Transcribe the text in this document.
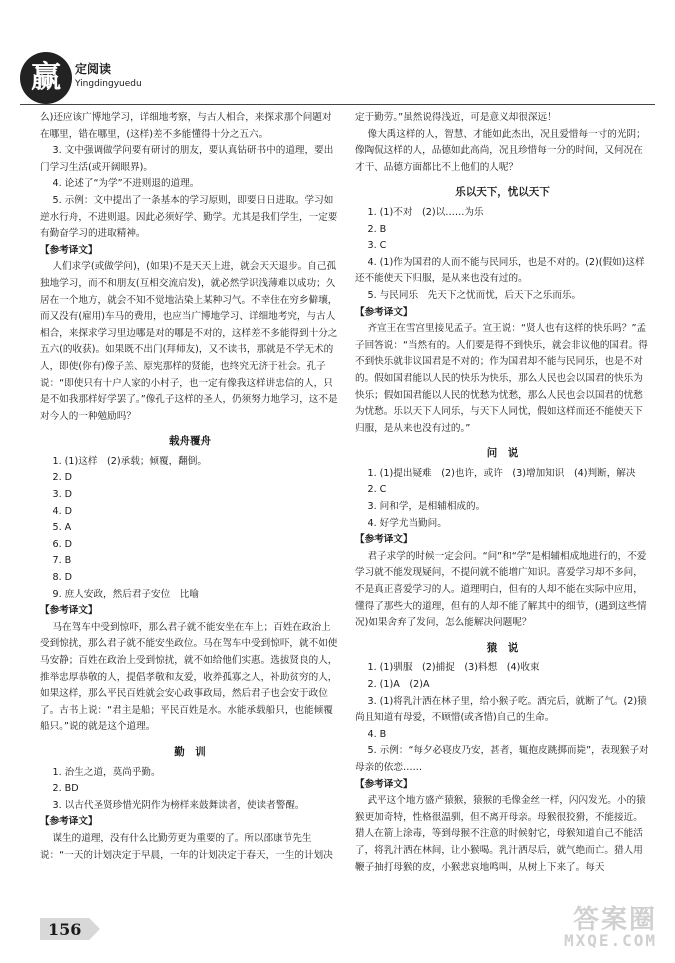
赢	定阅读
Yingdingyuedu

么)还应该广博地学习，详细地考察，与古人相合，来探求那个问题对在哪里，错在哪里，(这样)差不多能懂得十分之五六。

3. 文中强调做学问要有研讨的朋友，要认真钻研书中的道理，要出门学习生活(或开阔眼界)。

4. 论述了“为学”不进则退的道理。

5. 示例：文中提出了一条基本的学习原则，即要日日进取。学习如逆水行舟，不进则退。因此必须好学、勤学。尤其是我们学生，一定要有勤奋学习的进取精神。

【参考译文】

人们求学(或做学问)，(如果)不是天天上进，就会天天退步。自己孤独地学习，而不和朋友(互相交流启发)，就必然学识浅薄难以成功；久居在一个地方，就会不知不觉地沾染上某种习气。不幸住在穷乡僻壤，而又没有(雇用)车马的费用，也应当广博地学习、详细地考究，与古人相合，来探求学习里边哪是对的哪是不对的，这样差不多能得到十分之五六(的收获)。如果既不出门(拜师友)，又不读书，那就是不学无术的人，即使(你有)像子羔、原宪那样的贤能，也终究无济于社会。孔子说：“即使只有十户人家的小村子，也一定有像我这样讲忠信的人，只是不如我那样好学罢了。”像孔子这样的圣人，仍须努力地学习，这不是对今人的一种勉励吗？

载舟覆舟

1. (1)这样　(2)承载；倾覆，翻倒。

2. D

3. D

4. D

5. A

6. D

7. B

8. D

9. 庶人安政，然后君子安位　比喻

【参考译文】

马在驾车中受到惊吓，那么君子就不能安坐在车上；百姓在政治上受到惊扰，那么君子就不能安坐政位。马在驾车中受到惊吓，就不如使马安静；百姓在政治上受到惊扰，就不如给他们实惠。选拔贤良的人，推举忠厚恭敬的人，提倡孝敬和友爱，收养孤寡之人，补助贫穷的人，如果这样，那么平民百姓就会安心政事政局，然后君子也会安于政位了。古书上说：“君主是船；平民百姓是水。水能承载船只，也能倾覆船只。”说的就是这个道理。

勤　训

1. 治生之道，莫尚乎勤。

2. BD

3. 以古代圣贤珍惜光阴作为榜样来鼓舞读者，使读者警醒。

【参考译文】

谋生的道理，没有什么比勤劳更为重要的了。所以邵康节先生说：“一天的计划决定于早晨，一年的计划决定于春天，一生的计划决

定于勤劳。”虽然说得浅近，可是意义却很深远！

像大禹这样的人，智慧、才能如此杰出，况且爱惜每一寸的光阴；像陶侃这样的人，品德如此高尚，况且珍惜每一分的时间，又何况在才干、品德方面都比不上他们的人呢？

乐以天下，忧以天下

1. (1)不对　(2)以……为乐

2. B

3. C

4. (1)作为国君的人而不能与民同乐，也是不对的。(2)(假如)这样还不能使天下归服，是从来也没有过的。

5. 与民同乐　先天下之忧而忧，后天下之乐而乐。

【参考译文】

齐宣王在雪宫里接见孟子。宣王说：“贤人也有这样的快乐吗？”孟子回答说：“当然有的。人们要是得不到快乐，就会非议他的国君。得不到快乐就非议国君是不对的；作为国君却不能与民同乐，也是不对的。假如国君能以人民的快乐为快乐，那么人民也会以国君的快乐为快乐；假如国君能以人民的忧愁为忧愁，那么人民也会以国君的忧愁为忧愁。乐以天下人同乐，与天下人同忧，假如这样而还不能使天下归服，是从来也没有过的。”

问　说

1. (1)提出疑难　(2)也许，或许　(3)增加知识　(4)判断，解决

2. C

3. 问和学，是相辅相成的。

4. 好学尤当勤问。

【参考译文】

君子求学的时候一定会问。“问”和“学”是相辅相成地进行的，不爱学习就不能发现疑问，不提问就不能增广知识。喜爱学习却不多问，不是真正喜爱学习的人。道理明白，但有的人却不能在实际中应用，懂得了那些大的道理，但有的人却不能了解其中的细节，(遇到这些情况)如果舍弃了发问，怎么能解决问题呢？

猿　说

1. (1)驯服　(2)捕捉　(3)料想　(4)收束

2. (1)A　(2)A

3. (1)将乳汁洒在林子里，给小猴子吃。酒完后，就断了气。(2)猿尚且知道有母爱，不顾惜(或吝惜)自己的生命。

4. B

5. 示例：“每夕必寝皮乃安，甚者，辄抱皮跳掷而毙”，表现猴子对母亲的依恋……

【参考译文】

武平这个地方盛产猿猴，猿猴的毛像金丝一样，闪闪发光。小的猿猴更加奇特，性格很温驯，但不离开母亲。母猴很狡猾，不能接近。猎人在箭上涂毒，等到母猴不注意的时候射它，母猴知道自己不能活了，将乳汁洒在林间，让小猴喝。乳汁洒尽后，就气绝而亡。猎人用鞭子抽打母猴的皮，小猴悲哀地鸣叫，从树上下来了。每天

156	答案圈
MXQE.COM
